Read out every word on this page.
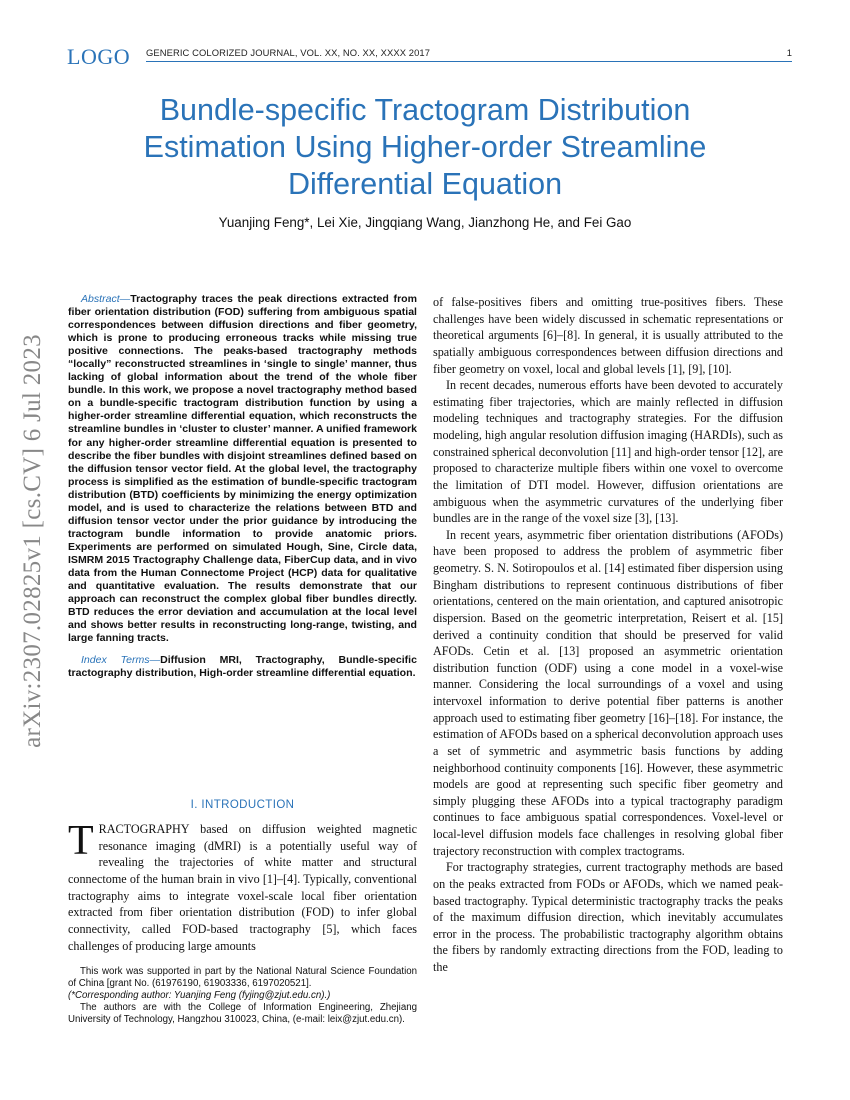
LOGO GENERIC COLORIZED JOURNAL, VOL. XX, NO. XX, XXXX 2017	1
Bundle-specific Tractogram Distribution
Estimation Using Higher-order Streamline
Differential Equation
Yuanjing Feng*, Lei Xie, Jingqiang Wang, Jianzhong He, and Fei Gao
arXiv:2307.02825v1 [cs.CV] 6 Jul 2023

Abstract—Tractography traces the peak directions extracted from fiber orientation distribution (FOD) suffering from ambiguous spatial correspondences between diffusion directions and fiber geometry, which is prone to producing erroneous tracks while missing true positive connections. The peaks-based tractography methods “locally” reconstructed streamlines in ‘single to single’ manner, thus lacking of global information about the trend of the whole fiber bundle. In this work, we propose a novel tractography method based on a bundle-specific tractogram distribution function by using a higher-order streamline differential equation, which reconstructs the streamline bundles in ‘cluster to cluster’ manner. A unified framework for any higher-order streamline differential equation is presented to describe the fiber bundles with disjoint streamlines defined based on the diffusion tensor vector field. At the global level, the tractography process is simplified as the estimation of bundle-specific tractogram distribution (BTD) coefficients by minimizing the energy optimization model, and is used to characterize the relations between BTD and diffusion tensor vector under the prior guidance by introducing the tractogram bundle information to provide anatomic priors. Experiments are performed on simulated Hough, Sine, Circle data, ISMRM 2015 Tractography Challenge data, FiberCup data, and in vivo data from the Human Connectome Project (HCP) data for qualitative and quantitative evaluation. The results demonstrate that our approach can reconstruct the complex global fiber bundles directly. BTD reduces the error deviation and accumulation at the local level and shows better results in reconstructing long-range, twisting, and large fanning tracts.

Index Terms—Diffusion MRI, Tractography, Bundle-specific tractography distribution, High-order streamline differential equation.

I. INTRODUCTION

TRACTOGRAPHY based on diffusion weighted magnetic resonance imaging (dMRI) is a potentially useful way of revealing the trajectories of white matter and structural connectome of the human brain in vivo [1]–[4]. Typically, conventional tractography aims to integrate voxel-scale local fiber orientation extracted from fiber orientation distribution (FOD) to infer global connectivity, called FOD-based tractography [5], which faces challenges of producing large amounts

This work was supported in part by the National Natural Science Foundation of China [grant No. (61976190, 61903336, 6197020521].

(*Corresponding author: Yuanjing Feng (fyjing@zjut.edu.cn).)

The authors are with the College of Information Engineering, Zhejiang University of Technology, Hangzhou 310023, China, (e-mail: leix@zjut.edu.cn).

of false-positives fibers and omitting true-positives fibers. These challenges have been widely discussed in schematic representations or theoretical arguments [6]–[8]. In general, it is usually attributed to the spatially ambiguous correspondences between diffusion directions and fiber geometry on voxel, local and global levels [1], [9], [10].

In recent decades, numerous efforts have been devoted to accurately estimating fiber trajectories, which are mainly reflected in diffusion modeling techniques and tractography strategies. For the diffusion modeling, high angular resolution diffusion imaging (HARDIs), such as constrained spherical deconvolution [11] and high-order tensor [12], are proposed to characterize multiple fibers within one voxel to overcome the limitation of DTI model. However, diffusion orientations are ambiguous when the asymmetric curvatures of the underlying fiber bundles are in the range of the voxel size [3], [13].

In recent years, asymmetric fiber orientation distributions (AFODs) have been proposed to address the problem of asymmetric fiber geometry. S. N. Sotiropoulos et al. [14] estimated fiber dispersion using Bingham distributions to represent continuous distributions of fiber orientations, centered on the main orientation, and captured anisotropic dispersion. Based on the geometric interpretation, Reisert et al. [15] derived a continuity condition that should be preserved for valid AFODs. Cetin et al. [13] proposed an asymmetric orientation distribution function (ODF) using a cone model in a voxel-wise manner. Considering the local surroundings of a voxel and using intervoxel information to derive potential fiber patterns is another approach used to estimating fiber geometry [16]–[18]. For instance, the estimation of AFODs based on a spherical deconvolution approach uses a set of symmetric and asymmetric basis functions by adding neighborhood continuity components [16]. However, these asymmetric models are good at representing such specific fiber geometry and simply plugging these AFODs into a typical tractography paradigm continues to face ambiguous spatial correspondences. Voxel-level or local-level diffusion models face challenges in resolving global fiber trajectory reconstruction with complex tractograms.

For tractography strategies, current tractography methods are based on the peaks extracted from FODs or AFODs, which we named peak-based tractography. Typical deterministic tractography tracks the peaks of the maximum diffusion direction, which inevitably accumulates error in the process. The probabilistic tractography algorithm obtains the fibers by randomly extracting directions from the FOD, leading to the
